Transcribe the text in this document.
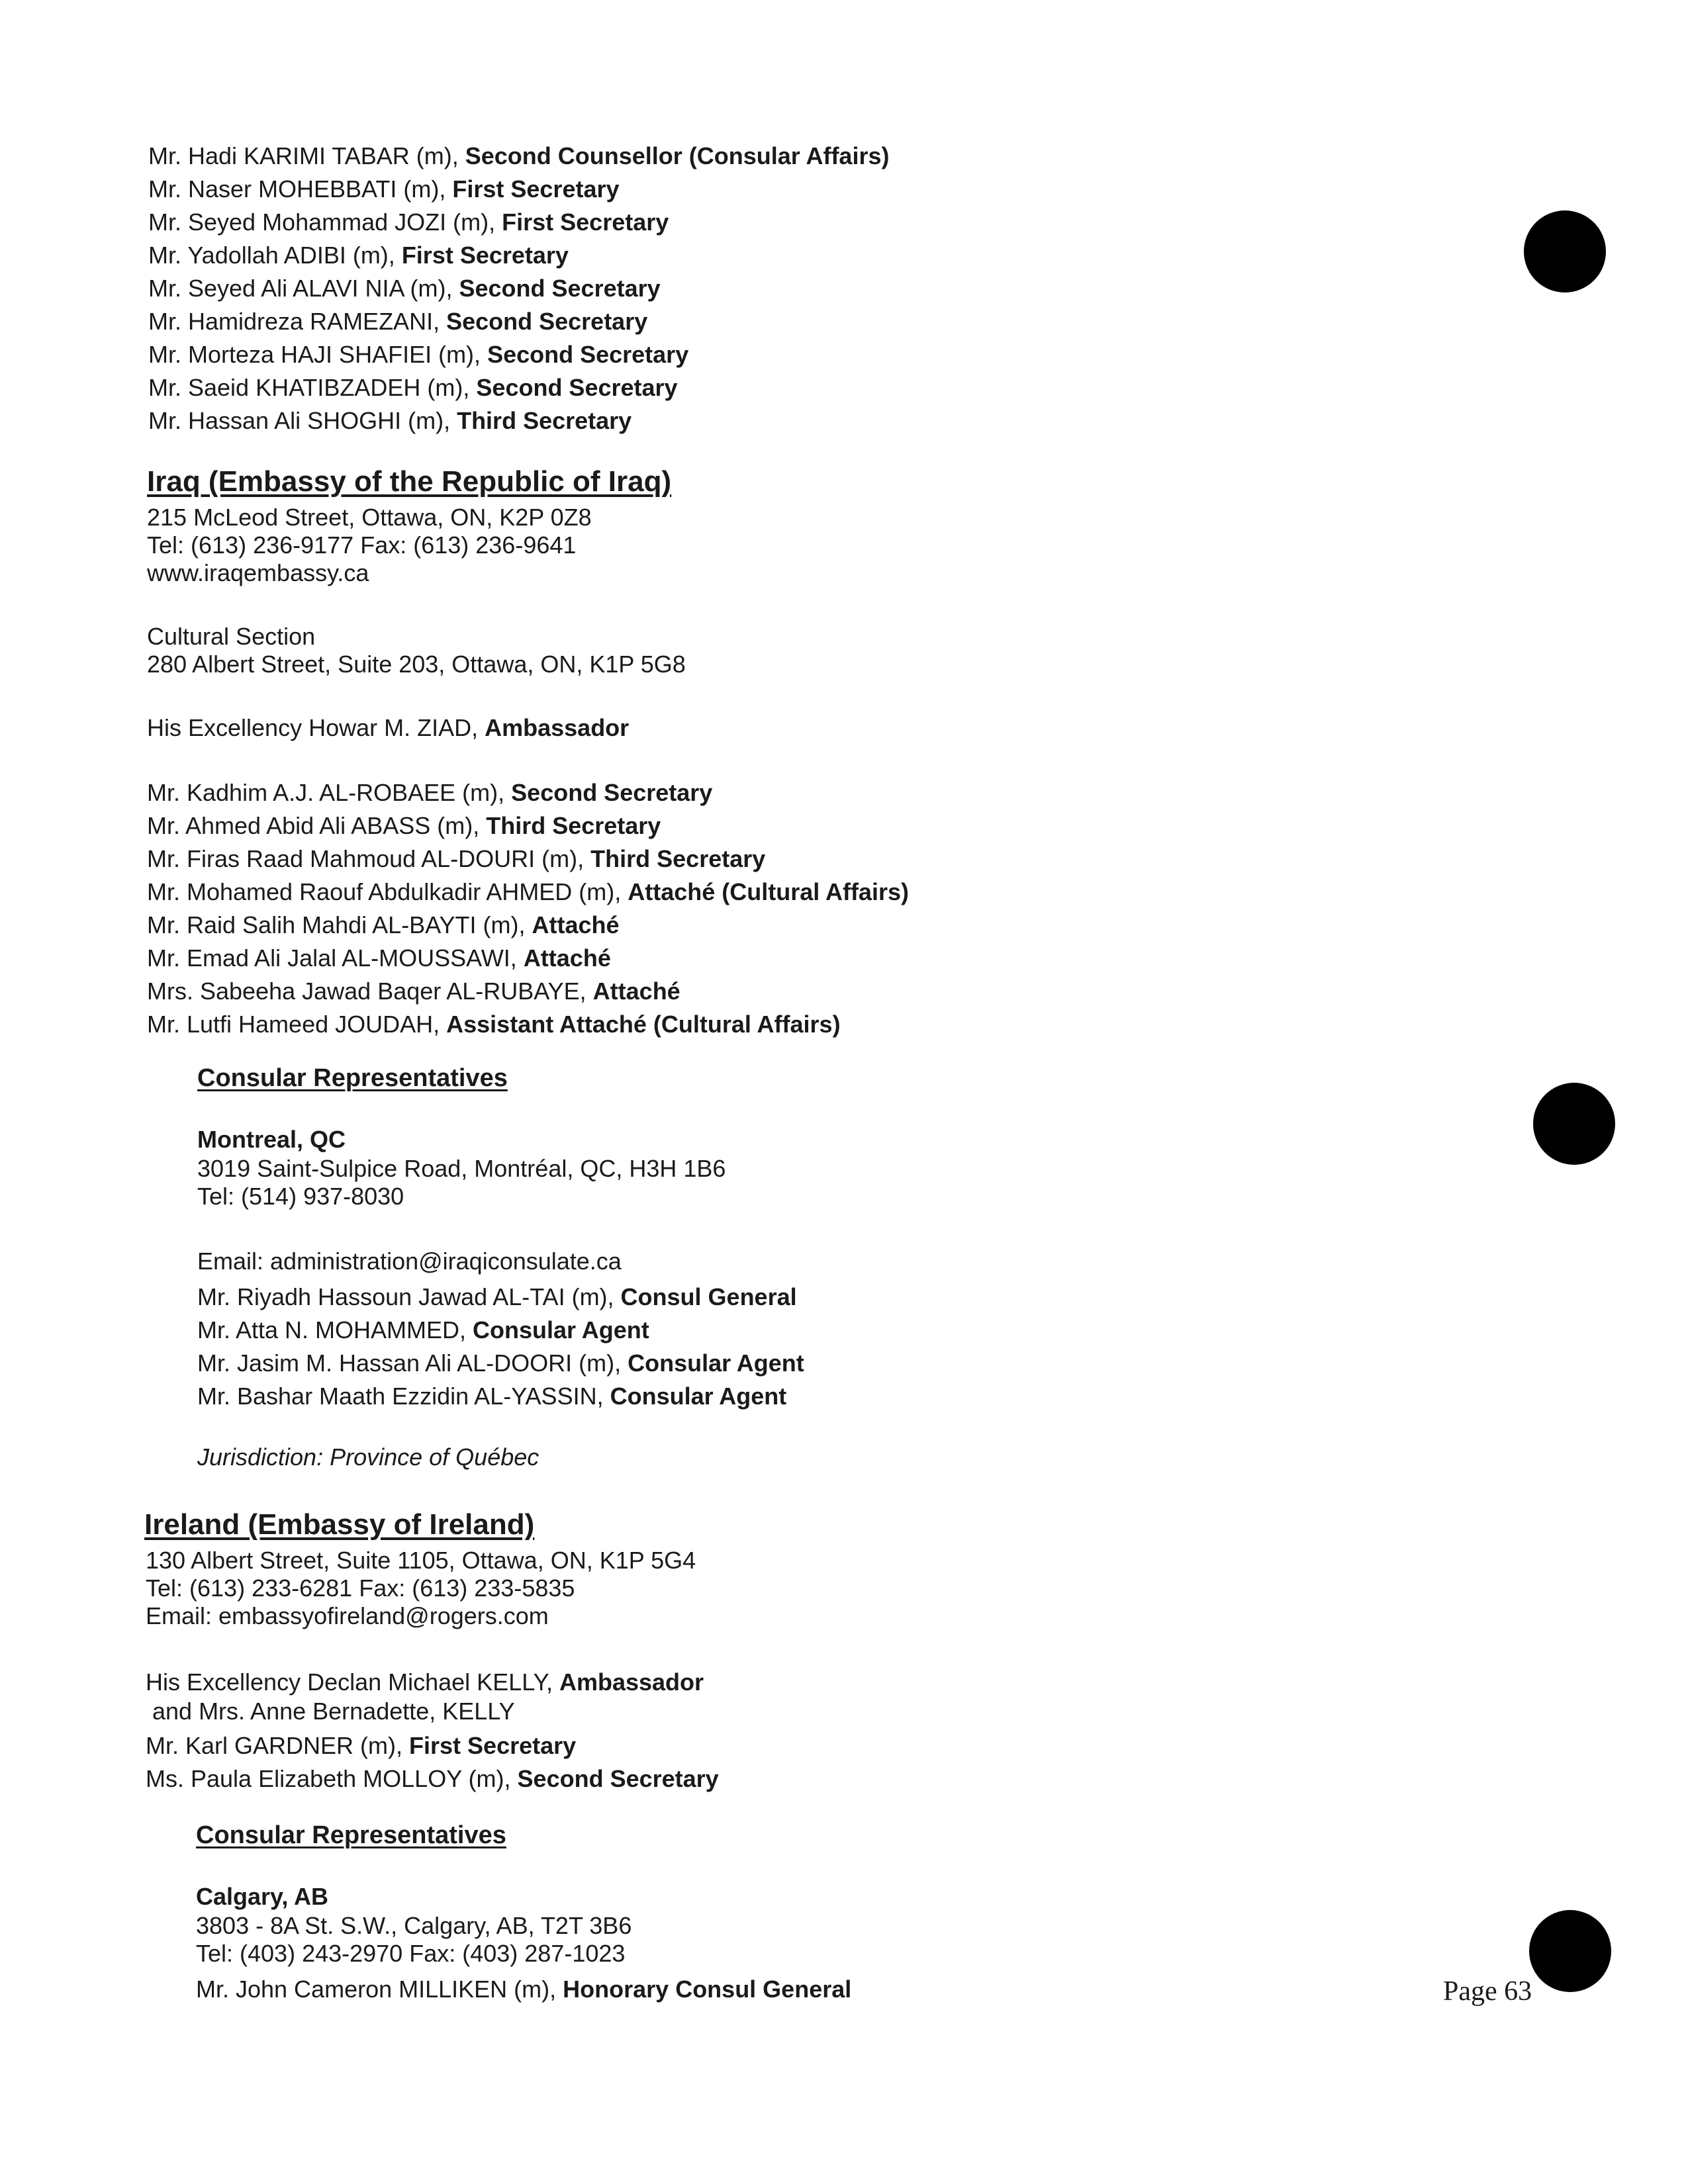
Mr. Hadi KARIMI TABAR (m), Second Counsellor (Consular Affairs)
Mr. Naser MOHEBBATI (m), First Secretary
Mr. Seyed Mohammad JOZI (m), First Secretary
Mr. Yadollah ADIBI (m), First Secretary
Mr. Seyed Ali ALAVI NIA (m), Second Secretary
Mr. Hamidreza RAMEZANI, Second Secretary
Mr. Morteza HAJI SHAFIEI (m), Second Secretary
Mr. Saeid KHATIBZADEH (m), Second Secretary
Mr. Hassan Ali SHOGHI (m), Third Secretary
Iraq (Embassy of the Republic of Iraq)
215 McLeod Street, Ottawa, ON, K2P 0Z8
Tel: (613) 236-9177 Fax: (613) 236-9641
www.iraqembassy.ca
Cultural Section
280 Albert Street, Suite 203, Ottawa, ON, K1P 5G8
His Excellency Howar M. ZIAD, Ambassador
Mr. Kadhim A.J. AL-ROBAEE (m), Second Secretary
Mr. Ahmed Abid Ali ABASS (m), Third Secretary
Mr. Firas Raad Mahmoud AL-DOURI (m), Third Secretary
Mr. Mohamed Raouf Abdulkadir AHMED (m), Attaché (Cultural Affairs)
Mr. Raid Salih Mahdi AL-BAYTI (m), Attaché
Mr. Emad Ali Jalal AL-MOUSSAWI, Attaché
Mrs. Sabeeha Jawad Baqer AL-RUBAYE, Attaché
Mr. Lutfi Hameed JOUDAH, Assistant Attaché (Cultural Affairs)
Consular Representatives
Montreal, QC
3019 Saint-Sulpice Road, Montréal, QC, H3H 1B6
Tel: (514) 937-8030
Email: administration@iraqiconsulate.ca
Mr. Riyadh Hassoun Jawad AL-TAI (m), Consul General
Mr. Atta N. MOHAMMED, Consular Agent
Mr. Jasim M. Hassan Ali AL-DOORI (m), Consular Agent
Mr. Bashar Maath Ezzidin AL-YASSIN, Consular Agent
Jurisdiction: Province of Québec
Ireland (Embassy of Ireland)
130 Albert Street, Suite 1105, Ottawa, ON, K1P 5G4
Tel: (613) 233-6281 Fax: (613) 233-5835
Email: embassyofireland@rogers.com
His Excellency Declan Michael KELLY, Ambassador
and Mrs. Anne Bernadette, KELLY
Mr. Karl GARDNER (m), First Secretary
Ms. Paula Elizabeth MOLLOY (m), Second Secretary
Consular Representatives
Calgary, AB
3803 - 8A St. S.W., Calgary, AB, T2T 3B6
Tel: (403) 243-2970 Fax: (403) 287-1023
Mr. John Cameron MILLIKEN (m), Honorary Consul General	Page 63
